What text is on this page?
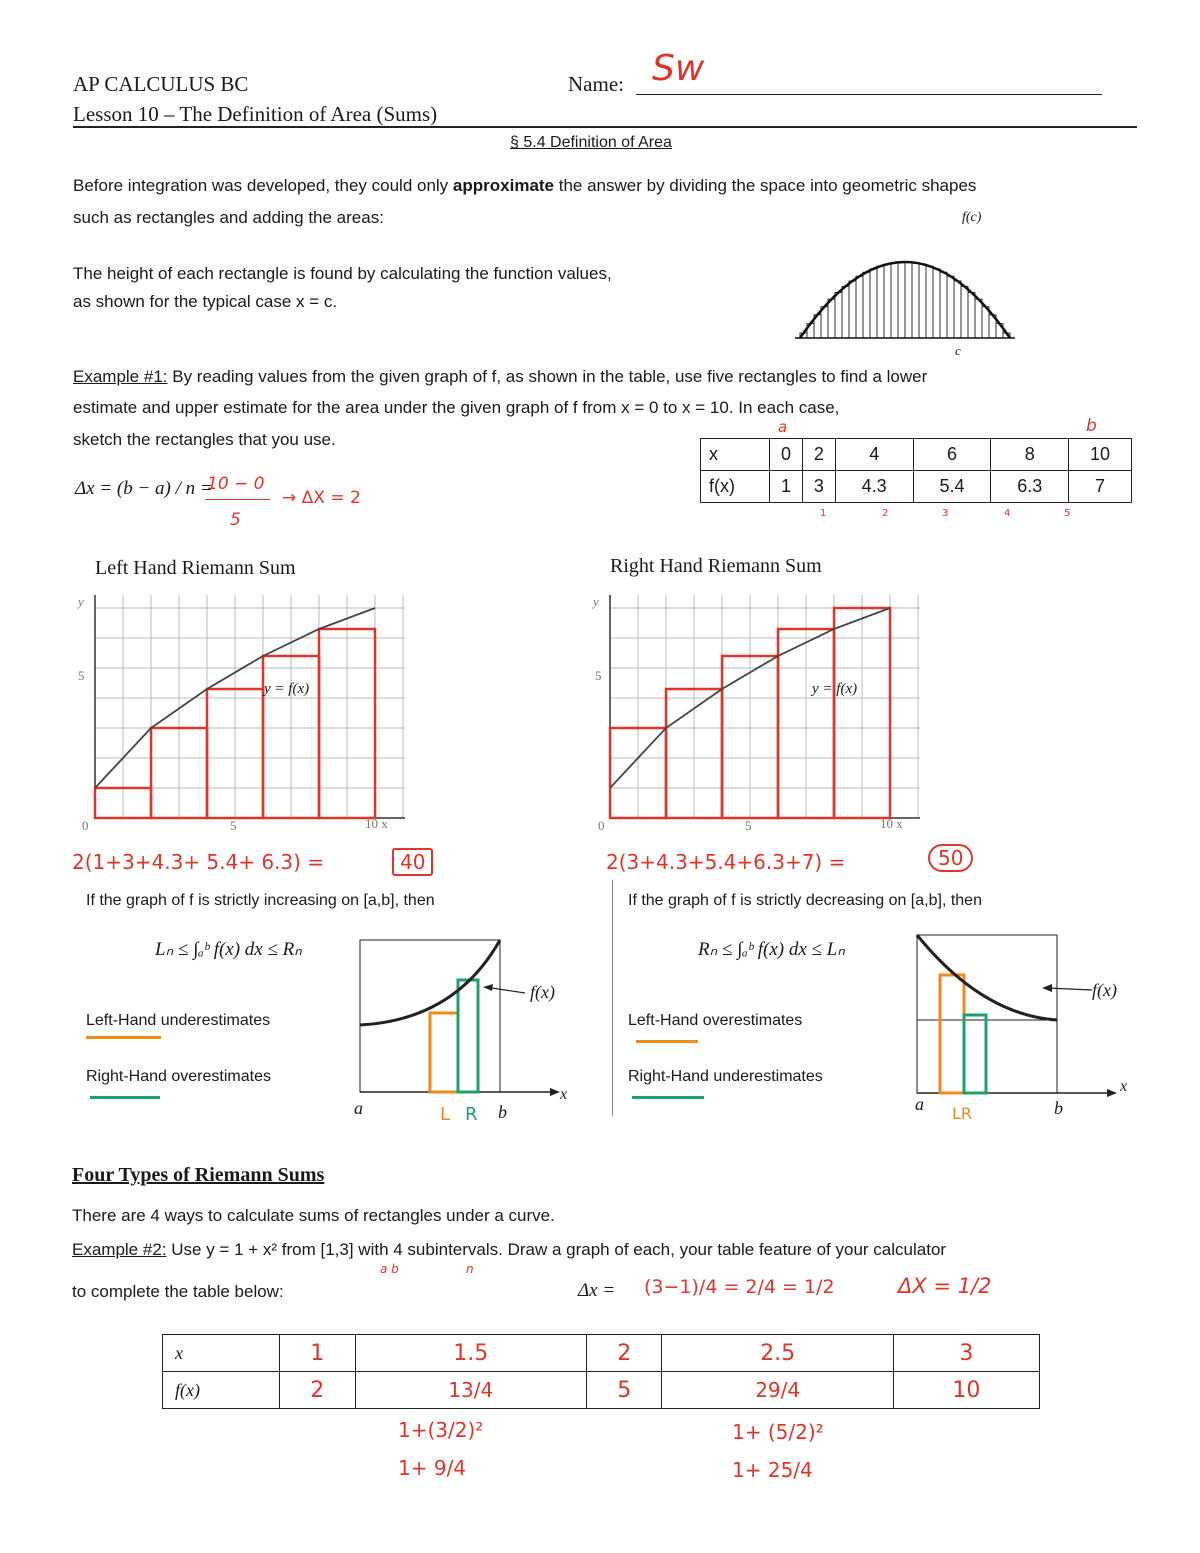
AP CALCULUS BC
Lesson 10 – The Definition of Area (Sums)
Name: Sw
§ 5.4 Definition of Area
Before integration was developed, they could only approximate the answer by dividing the space into geometric shapes
such as rectangles and adding the areas:
The height of each rectangle is found by calculating the function values,
as shown for the typical case x = c.
f(c)
c
Example #1: By reading values from the given graph of f, as shown in the table, use five rectangles to find a lower
estimate and upper estimate for the area under the given graph of f from x = 0 to x = 10. In each case,
sketch the rectangles that you use.
Δx = (b − a) / n =
10 − 0
5
→ ΔX = 2
a	b
x	0	2	4	6	8	10
f(x)	1	3	4.3	5.4	6.3	7
1	2	3	4	5
Left Hand Riemann Sum
y
5
0	5	10 x
y = f(x)
2(1+3+4.3+ 5.4+ 6.3) =	40
If the graph of f is strictly increasing on [a,b], then
Lₙ ≤ ∫ₐᵇ f(x) dx ≤ Rₙ
Left-Hand underestimates
Right-Hand overestimates
f(x)
a	L R b
x
Right Hand Riemann Sum
y
5
0	5	10 x
y = f(x)
2(3+4.3+5.4+6.3+7) =	50
If the graph of f is strictly decreasing on [a,b], then
Rₙ ≤ ∫ₐᵇ f(x) dx ≤ Lₙ
Left-Hand overestimates
Right-Hand underestimates
f(x)
a LR	b
x
Four Types of Riemann Sums
There are 4 ways to calculate sums of rectangles under a curve.
Example #2: Use y = 1 + x² from [1,3] with 4 subintervals. Draw a graph of each, your table feature of your calculator
a b	n
to complete the table below:	Δx = (3−1)/4 = 2/4 = 1/2	ΔX = 1/2
x	1	1.5	2	2.5	3
f(x)	2	13/4	5	29/4	10
1+(3/2)²
1+ 9/4
1+ (5/2)²
1+ 25/4
